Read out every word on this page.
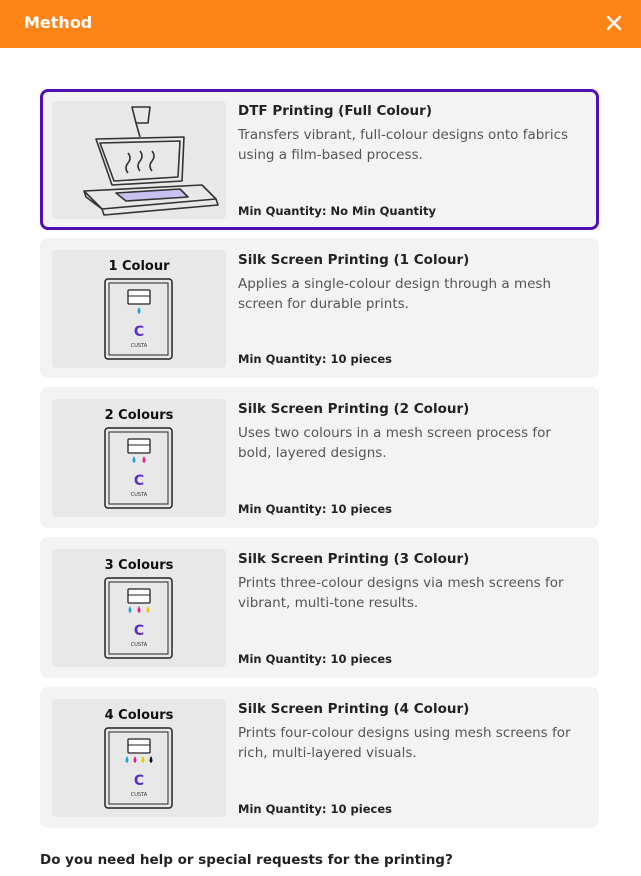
Method
DTF Printing (Full Colour)
Transfers vibrant, full-colour designs onto fabrics using a film-based process.
Min Quantity: No Min Quantity
1 Colour
C
CUSTA
Silk Screen Printing (1 Colour)
Applies a single-colour design through a mesh screen for durable prints.
Min Quantity: 10 pieces
2 Colours
C
CUSTA
Silk Screen Printing (2 Colour)
Uses two colours in a mesh screen process for bold, layered designs.
Min Quantity: 10 pieces
3 Colours
C
CUSTA
Silk Screen Printing (3 Colour)
Prints three-colour designs via mesh screens for vibrant, multi-tone results.
Min Quantity: 10 pieces
4 Colours
C
CUSTA
Silk Screen Printing (4 Colour)
Prints four-colour designs using mesh screens for rich, multi-layered visuals.
Min Quantity: 10 pieces
Do you need help or special requests for the printing?
